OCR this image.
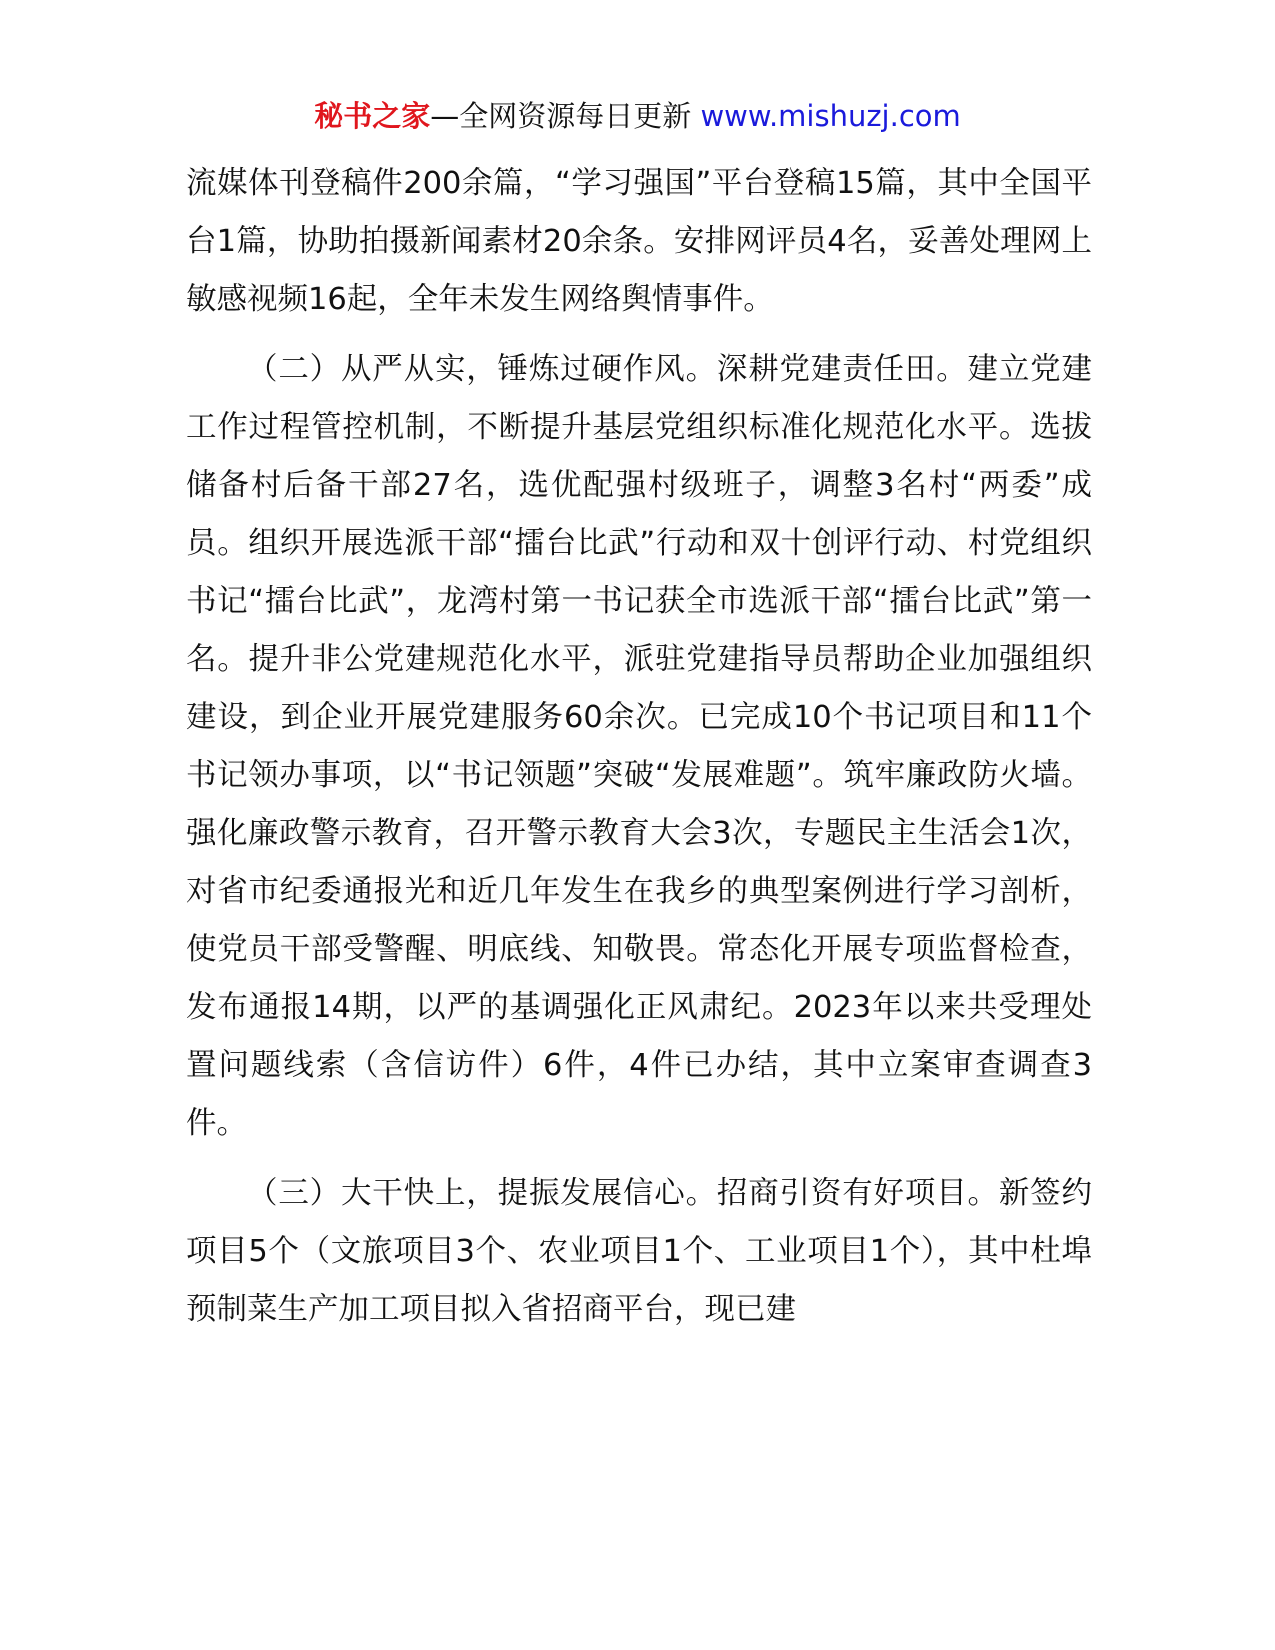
秘书之家—全网资源每日更新 www.mishuzj.com

流媒体刊登稿件200余篇，“学习强国”平台登稿15篇，其中全国平台1篇，协助拍摄新闻素材20余条。安排网评员4名，妥善处理网上敏感视频16起，全年未发生网络舆情事件。

（二）从严从实，锤炼过硬作风。深耕党建责任田。建立党建工作过程管控机制，不断提升基层党组织标准化规范化水平。选拔储备村后备干部27名，选优配强村级班子，调整3名村“两委”成员。组织开展选派干部“擂台比武”行动和双十创评行动、村党组织书记“擂台比武”，龙湾村第一书记获全市选派干部“擂台比武”第一名。提升非公党建规范化水平，派驻党建指导员帮助企业加强组织建设，到企业开展党建服务60余次。已完成10个书记项目和11个书记领办事项，以“书记领题”突破“发展难题”。筑牢廉政防火墙。强化廉政警示教育，召开警示教育大会3次，专题民主生活会1次，对省市纪委通报光和近几年发生在我乡的典型案例进行学习剖析，使党员干部受警醒、明底线、知敬畏。常态化开展专项监督检查，发布通报14期，以严的基调强化正风肃纪。2023年以来共受理处置问题线索（含信访件）6件，4件已办结，其中立案审查调查3件。

（三）大干快上，提振发展信心。招商引资有好项目。新签约项目5个（文旅项目3个、农业项目1个、工业项目1个），其中杜埠预制菜生产加工项目拟入省招商平台，现已建
